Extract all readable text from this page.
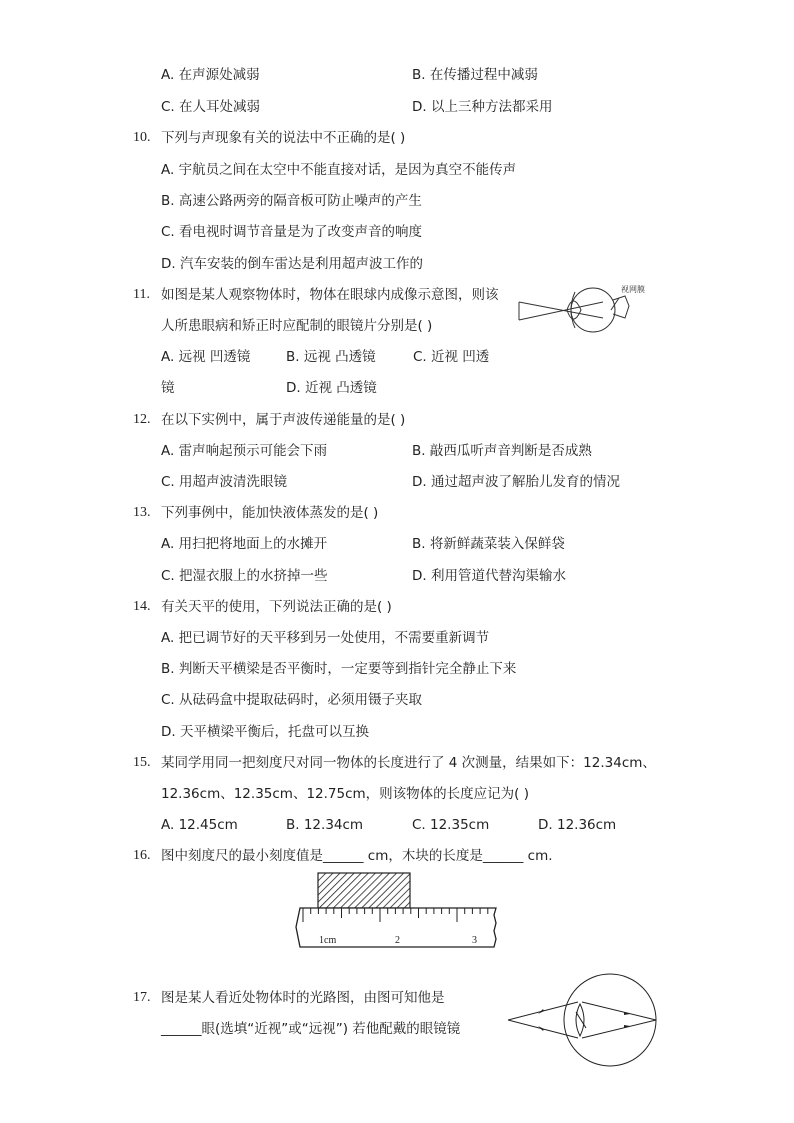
A. 在声源处减弱	B. 在传播过程中减弱
C. 在人耳处减弱	D. 以上三种方法都采用
10. 下列与声现象有关的说法中不正确的是( )
A. 宇航员之间在太空中不能直接对话，是因为真空不能传声
B. 高速公路两旁的隔音板可防止噪声的产生
C. 看电视时调节音量是为了改变声音的响度
D. 汽车安装的倒车雷达是利用超声波工作的
11. 如图是某人观察物体时，物体在眼球内成像示意图，则该
人所患眼病和矫正时应配制的眼镜片分别是( )
A. 远视 凹透镜	B. 远视 凸透镜	C. 近视 凹透
镜	D. 近视 凸透镜
视网膜
12. 在以下实例中，属于声波传递能量的是( )
A. 雷声响起预示可能会下雨	B. 敲西瓜听声音判断是否成熟
C. 用超声波清洗眼镜	D. 通过超声波了解胎儿发育的情况
13. 下列事例中，能加快液体蒸发的是( )
A. 用扫把将地面上的水摊开	B. 将新鲜蔬菜装入保鲜袋
C. 把湿衣服上的水挤掉一些	D. 利用管道代替沟渠输水
14. 有关天平的使用，下列说法正确的是( )
A. 把已调节好的天平移到另一处使用，不需要重新调节
B. 判断天平横梁是否平衡时，一定要等到指针完全静止下来
C. 从砝码盒中提取砝码时，必须用镊子夹取
D. 天平横梁平衡后，托盘可以互换
15. 某同学用同一把刻度尺对同一物体的长度进行了 4 次测量，结果如下：12.34cm、
12.36cm、12.35cm、12.75cm，则该物体的长度应记为( )
A. 12.45cm	B. 12.34cm	C. 12.35cm	D. 12.36cm
16. 图中刻度尺的最小刻度值是______ cm，木块的长度是______ cm.
1cm	2	3
17. 图是某人看近处物体时的光路图，由图可知他是
______眼(选填“近视”或“远视”) 若他配戴的眼镜镜
